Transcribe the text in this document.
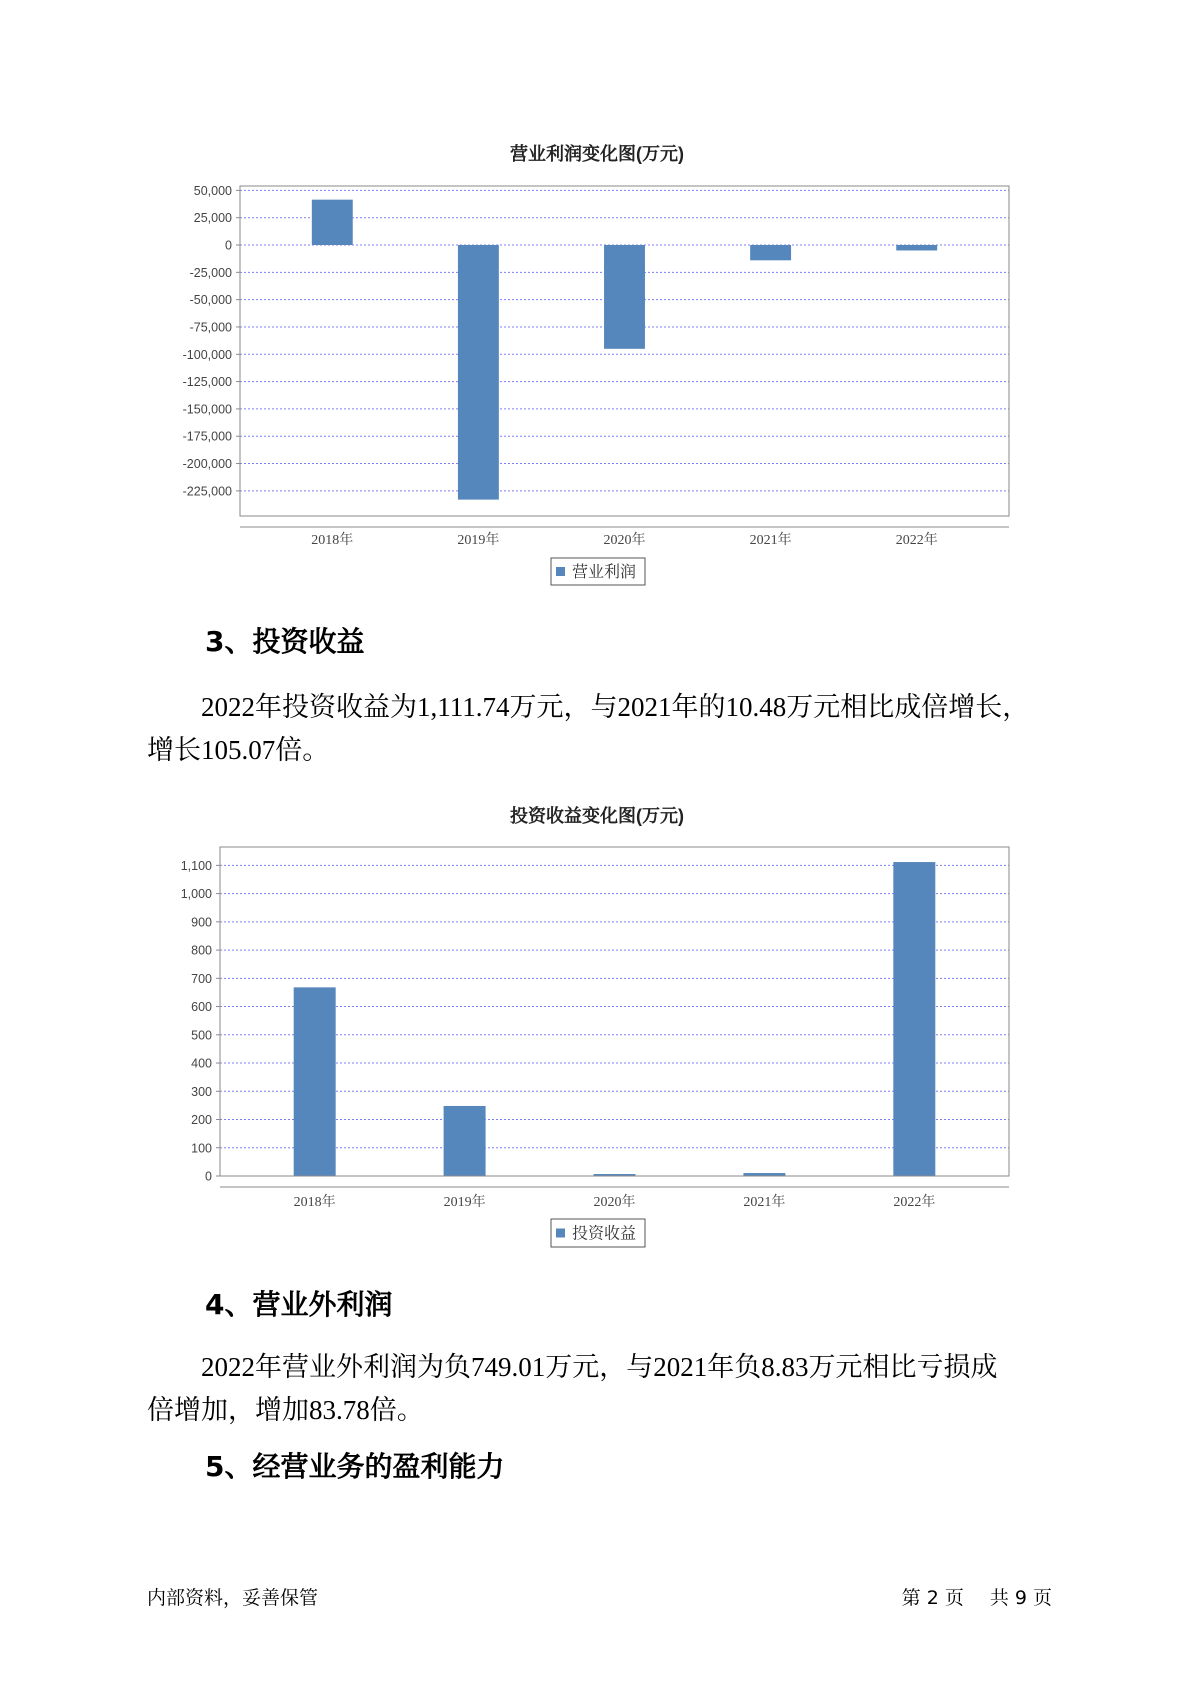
营业利润变化图(万元)
50,000
25,000
0
-25,000
-50,000
-75,000
-100,000
-125,000
-150,000
-175,000
-200,000
-225,000
2018年	2019年	2020年	2021年	2022年
营业利润
3、投资收益
2022年投资收益为1,111.74万元，与2021年的10.48万元相比成倍增长，
增长105.07倍。
投资收益变化图(万元)
1,100
1,000
900
800
700
600
500
400
300
200
100
0
2018年	2019年	2020年	2021年	2022年
投资收益
4、营业外利润
2022年营业外利润为负749.01万元，与2021年负8.83万元相比亏损成
倍增加，增加83.78倍。
5、经营业务的盈利能力
内部资料，妥善保管	第 2 页 共 9 页
